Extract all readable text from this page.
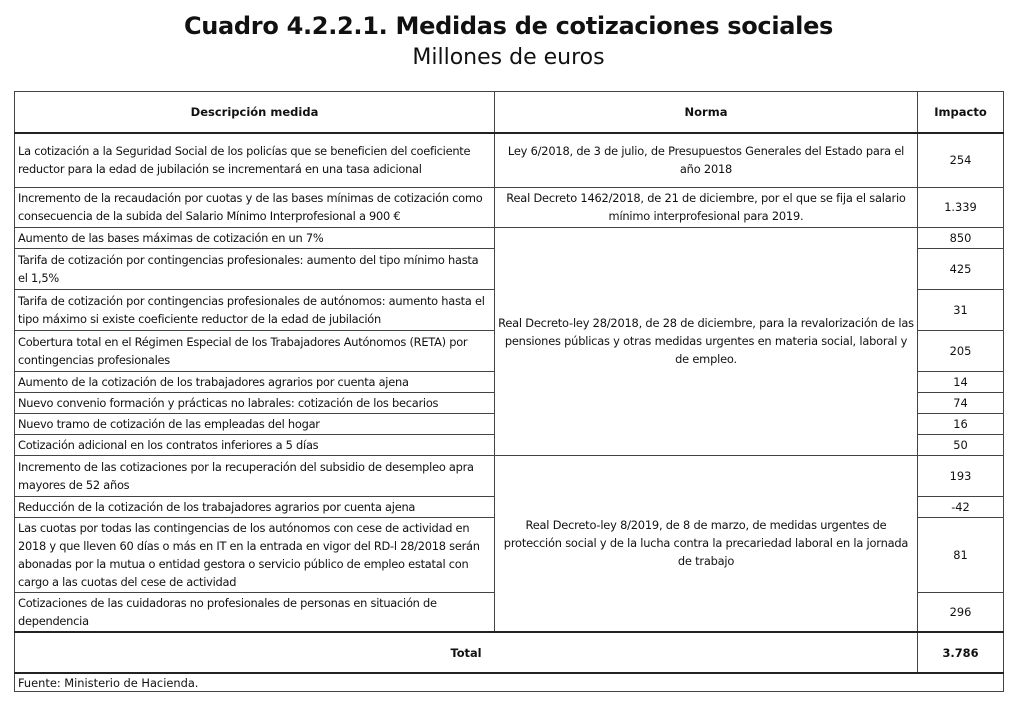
Cuadro 4.2.2.1. Medidas de cotizaciones sociales
Millones de euros
Descripción medida	Norma	Impacto
La cotización a la Seguridad Social de los policías que se beneficien del coeficiente reductor para la edad de jubilación se incrementará en una tasa adicional	Ley 6/2018, de 3 de julio, de Presupuestos Generales del Estado para el año 2018	254
Incremento de la recaudación por cuotas y de las bases mínimas de cotización como consecuencia de la subida del Salario Mínimo Interprofesional a 900 €	Real Decreto 1462/2018, de 21 de diciembre, por el que se fija el salario mínimo interprofesional para 2019.	1.339
Aumento de las bases máximas de cotización en un 7%	Real Decreto-ley 28/2018, de 28 de diciembre, para la revalorización de las pensiones públicas y otras medidas urgentes en materia social, laboral y de empleo.	850
Tarifa de cotización por contingencias profesionales: aumento del tipo mínimo hasta el 1,5%		425
Tarifa de cotización por contingencias profesionales de autónomos: aumento hasta el tipo máximo si existe coeficiente reductor de la edad de jubilación		31
Cobertura total en el Régimen Especial de los Trabajadores Autónomos (RETA) por contingencias profesionales		205
Aumento de la cotización de los trabajadores agrarios por cuenta ajena		14
Nuevo convenio formación y prácticas no labrales: cotización de los becarios		74
Nuevo tramo de cotización de las empleadas del hogar		16
Cotización adicional en los contratos inferiores a 5 días		50
Incremento de las cotizaciones por la recuperación del subsidio de desempleo apra mayores de 52 años	Real Decreto-ley 8/2019, de 8 de marzo, de medidas urgentes de protección social y de la lucha contra la precariedad laboral en la jornada de trabajo	193
Reducción de la cotización de los trabajadores agrarios por cuenta ajena		-42
Las cuotas por todas las contingencias de los autónomos con cese de actividad en 2018 y que lleven 60 días o más en IT en la entrada en vigor del RD-l 28/2018 serán abonadas por la mutua o entidad gestora o servicio público de empleo estatal con cargo a las cuotas del cese de actividad		81
Cotizaciones de las cuidadoras no profesionales de personas en situación de dependencia		296
Total		3.786
Fuente: Ministerio de Hacienda.		
